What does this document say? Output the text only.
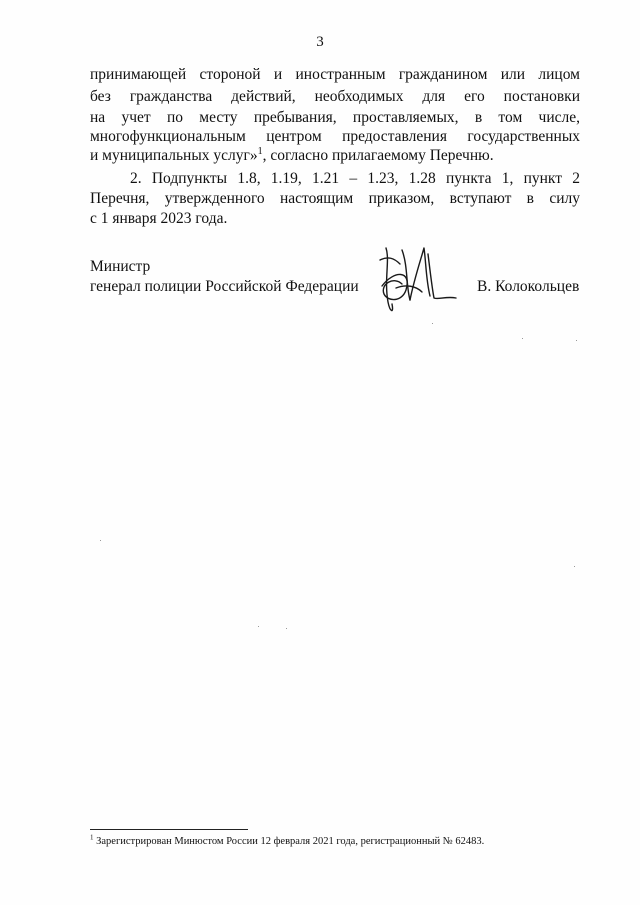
3
принимающей стороной и иностранным гражданином или лицом
без гражданства действий, необходимых для его постановки
на учет по месту пребывания, проставляемых, в том числе,
многофункциональным центром предоставления государственных
и муниципальных услуг»$^1$, согласно прилагаемому Перечню.
2. Подпункты 1.8, 1.19, 1.21 – 1.23, 1.28 пункта 1, пункт 2
Перечня, утвержденного настоящим приказом, вступают в силу
с 1 января 2023 года.
Министр
генерал полиции Российской Федерации	В. Колокольцев
$^1$ Зарегистрирован Минюстом России 12 февраля 2021 года, регистрационный № 62483.
